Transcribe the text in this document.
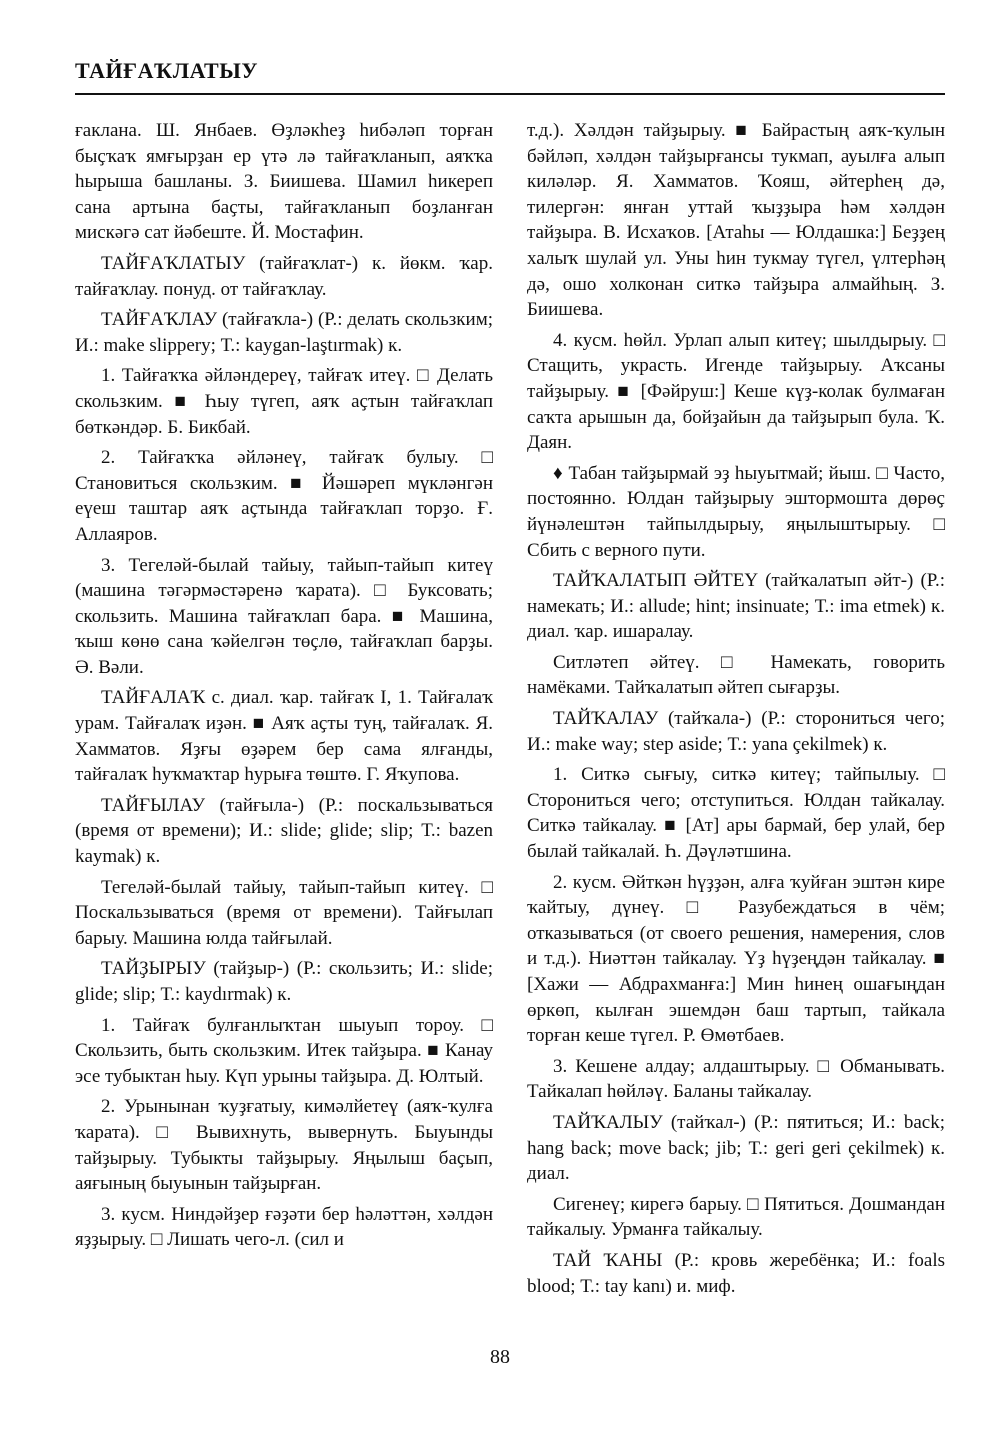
ТАЙҒАҠЛАТЫУ

ғаклана. Ш. Янбаев. Өҙләкһеҙ һибәләп торған быҫҡаҡ ямғырҙан ер үтә лә тайғаҡланып, аяҡҡа һырыша башланы. З. Биишева. Шамил һикереп сана артына баҫты, тайғаҡланып боҙланған мискәгә сат йәбеште. Й. Мостафин.

ТАЙҒАҠЛАТЫУ (тайғаҡлат-) к. йөкм. ҡар. тайғаҡлау. понуд. от тайғаҡлау.

ТАЙҒАҠЛАУ (тайғаҡла-) (Р.: делать скользким; И.: make slippery; Т.: kaygan-laştırmak) к.

1. Тайғаҡҡа әйләндереү, тайғаҡ итеү. □ Делать скользким. ■ Һыу түгеп, аяҡ аҫтын тайғаҡлап бөткәндәр. Б. Бикбай.

2. Тайғаҡҡа әйләнеү, тайғаҡ булыу. □ Становиться скользким. ■ Йәшәреп мүкләнгән еүеш таштар аяҡ аҫтында тайғаҡлап торҙо. Ғ. Аллаяров.

3. Тегеләй-былай тайыу, тайып-тайып китеү (машина тәгәрмәстәренә ҡарата). □ Буксовать; скользить. Машина тайғаҡлап бара. ■ Машина, ҡыш көнө сана ҡәйелгән төҫлө, тайғаҡлап барҙы. Ә. Вәли.

ТАЙҒАЛАҠ с. диал. ҡар. тайғаҡ I, 1. Тайғалаҡ урам. Тайғалаҡ иҙән. ■ Аяҡ аҫты туң, тайғалаҡ. Я. Хамматов. Яҙғы өҙәрем бер сама ялғанды, тайғалаҡ һуҡмаҡтар һурыға төштө. Г. Яҡупова.

ТАЙҒЫЛАУ (тайғыла-) (Р.: поскальзываться (время от времени); И.: slide; glide; slip; Т.: bazen kaymak) к.

Тегеләй-былай тайыу, тайып-тайып китеү. □ Поскальзываться (время от времени). Тайғылап барыу. Машина юлда тайғылай.

ТАЙҘЫРЫУ (тайҙыр-) (Р.: скользить; И.: slide; glide; slip; Т.: kaydırmak) к.

1. Тайғаҡ булғанлыҡтан шыуып тороу. □ Скользить, быть скользким. Итек тайҙыра. ■ Канау эсе тубыктан һыу. Күп урыны тайҙыра. Д. Юлтый.

2. Урынынан ҡуҙғатыу, кимәлйетеү (аяҡ-ҡулға ҡарата). □ Вывихнуть, вывернуть. Быуынды тайҙырыу. Тубыкты тайҙырыу. Яңылыш баҫып, аяғының быуынын тайҙырған.

3. кусм. Ниндәйҙер ғәҙәти бер һәләттән, хәлдән яҙҙырыу. □ Лишать чего-л. (сил и

т.д.). Хәлдән тайҙырыу. ■ Байрастың аяҡ-ҡулын бәйләп, хәлдән тайҙырғансы тукмап, ауылға алып киләләр. Я. Хамматов. Ҡояш, әйтерһең дә, тилергән: янған уттай ҡыҙҙыра һәм хәлдән тайҙыра. В. Исхаҡов. [Атаһы — Юлдашка:] Беҙҙең халыҡ шулай ул. Уны һин тукмау түгел, үлтерһәң дә, ошо холконан ситкә тайҙыра алмайһың. З. Биишева.

4. кусм. һөйл. Урлап алып китеү; шылдырыу. □ Стащить, украсть. Игенде тайҙырыу. Аҡсаны тайҙырыу. ■ [Фәйруш:] Кеше күҙ-колак булмаған саҡта арышын да, бойҙайын да тайҙырып була. Ҡ. Даян.

♦ Табан тайҙырмай эҙ һыуытмай; йыш. □ Часто, постоянно. Юлдан тайҙырыу эштормошта дөрөҫ йүнәлештән тайпылдырыу, яңылыштырыу. □ Сбить с верного пути.

ТАЙҠАЛАТЫП ӘЙТЕҮ (тайҡалатып әйт-) (Р.: намекать; И.: allude; hint; insinuate; Т.: ima etmek) к. диал. ҡар. ишаралау.

Ситләтеп әйтеү. □ Намекать, говорить намёками. Тайҡалатып әйтеп сығарҙы.

ТАЙҠАЛАУ (тайҡала-) (Р.: сторониться чего; И.: make way; step aside; Т.: yana çekilmek) к.

1. Ситкә сығыу, ситкә китеү; тайпылыу. □ Сторониться чего; отступиться. Юлдан тайкалау. Ситкә тайкалау. ■ [Ат] ары бармай, бер улай, бер былай тайкалай. Һ. Дәүләтшина.

2. кусм. Әйткән һүҙҙән, алға ҡуйған эштән кире ҡайтыу, дүнеү. □ Разубеждаться в чём; отказываться (от своего решения, намерения, слов и т.д.). Ниәттән тайкалау. Үҙ һүҙеңдән тайкалау. ■ [Хажи — Абдрахманға:] Мин һинең ошағыңдан өркөп, кылған эшемдән баш тартып, тайкала торған кеше түгел. Р. Өмөтбаев.

3. Кешене алдау; алдаштырыу. □ Обманывать. Тайкалап һөйләү. Баланы тайкалау.

ТАЙҠАЛЫУ (тайҡал-) (Р.: пятиться; И.: back; hang back; move back; jib; Т.: geri geri çekilmek) к. диал.

Сигенеү; кирегә барыу. □ Пятиться. Дошмандан тайкалыу. Урманға тайкалыу.

ТАЙ ҠАНЫ (Р.: кровь жеребёнка; И.: foals blood; Т.: tay kanı) и. миф.

88
